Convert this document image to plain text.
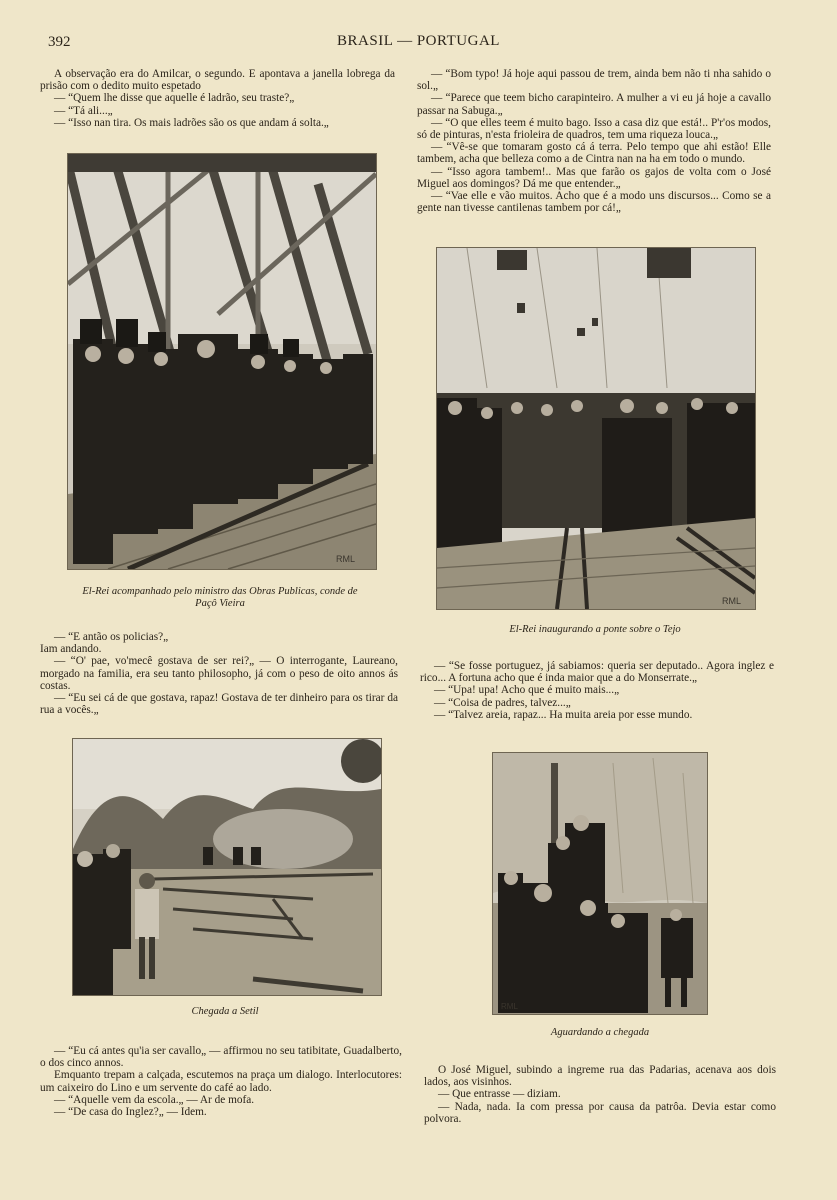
392	BRASIL — PORTUGAL

A observação era do Amilcar, o segundo. E apontava a janella lobrega da prisão com o dedito muito espetado

— “Quem lhe disse que aquelle é ladrão, seu traste?„

— “Tá ali...„

— “Isso nan tira. Os mais ladrões são os que andam á solta.„

— “Bom typo! Já hoje aqui passou de trem, ainda bem não ti nha sahido o sol.„

— “Parece que teem bicho carapinteiro. A mulher a vi eu já hoje a cavallo passar na Sabuga.„

— “O que elles teem é muito bago. Isso a casa diz que está!.. P'r'os modos, só de pinturas, n'esta frioleira de quadros, tem uma riqueza louca.„

— “Vê-se que tomaram gosto cá á terra. Pelo tempo que ahi estão! Elle tambem, acha que belleza como a de Cintra nan na ha em todo o mundo.

— “Isso agora tambem!.. Mas que farão os gajos de volta com o José Miguel aos domingos? Dá me que entender.„

— “Vae elle e vão muitos. Acho que é a modo uns discursos... Como se a gente nan tivesse cantilenas tambem por cá!„

RML
El-Rei acompanhado pelo ministro das Obras Publicas, conde de Paçô Vieira	RML
El-Rei inaugurando a ponte sobre o Tejo

— “E antão os policias?„

Iam andando.

— “O' pae, vo'mecê gostava de ser rei?„ — O interrogante, Laureano, morgado na familia, era seu tanto philosopho, já com o peso de oito annos ás costas.

— “Eu sei cá de que gostava, rapaz! Gostava de ter dinheiro para os tirar da rua a vocês.„

— “Se fosse portuguez, já sabiamos: queria ser deputado.. Agora inglez e rico... A fortuna acho que é inda maior que a do Monserrate.„

— “Upa! upa! Acho que é muito mais...„

— “Coisa de padres, talvez...„

— “Talvez areia, rapaz... Ha muita areia por esse mundo.

Chegada a Setil	RML
Aguardando a chegada

— “Eu cá antes qu'ia ser cavallo„ — affirmou no seu tatibitate, Guadalberto, o dos cinco annos.

Emquanto trepam a calçada, escutemos na praça um dialogo. Interlocutores: um caixeiro do Lino e um servente do café ao lado.

— “Aquelle vem da escola.„ — Ar de mofa.

— “De casa do Inglez?„ — Idem.

O José Miguel, subindo a ingreme rua das Padarias, acenava aos dois lados, aos visinhos.

— Que entrasse — diziam.

— Nada, nada. Ia com pressa por causa da patrôa. Devia estar como polvora.
